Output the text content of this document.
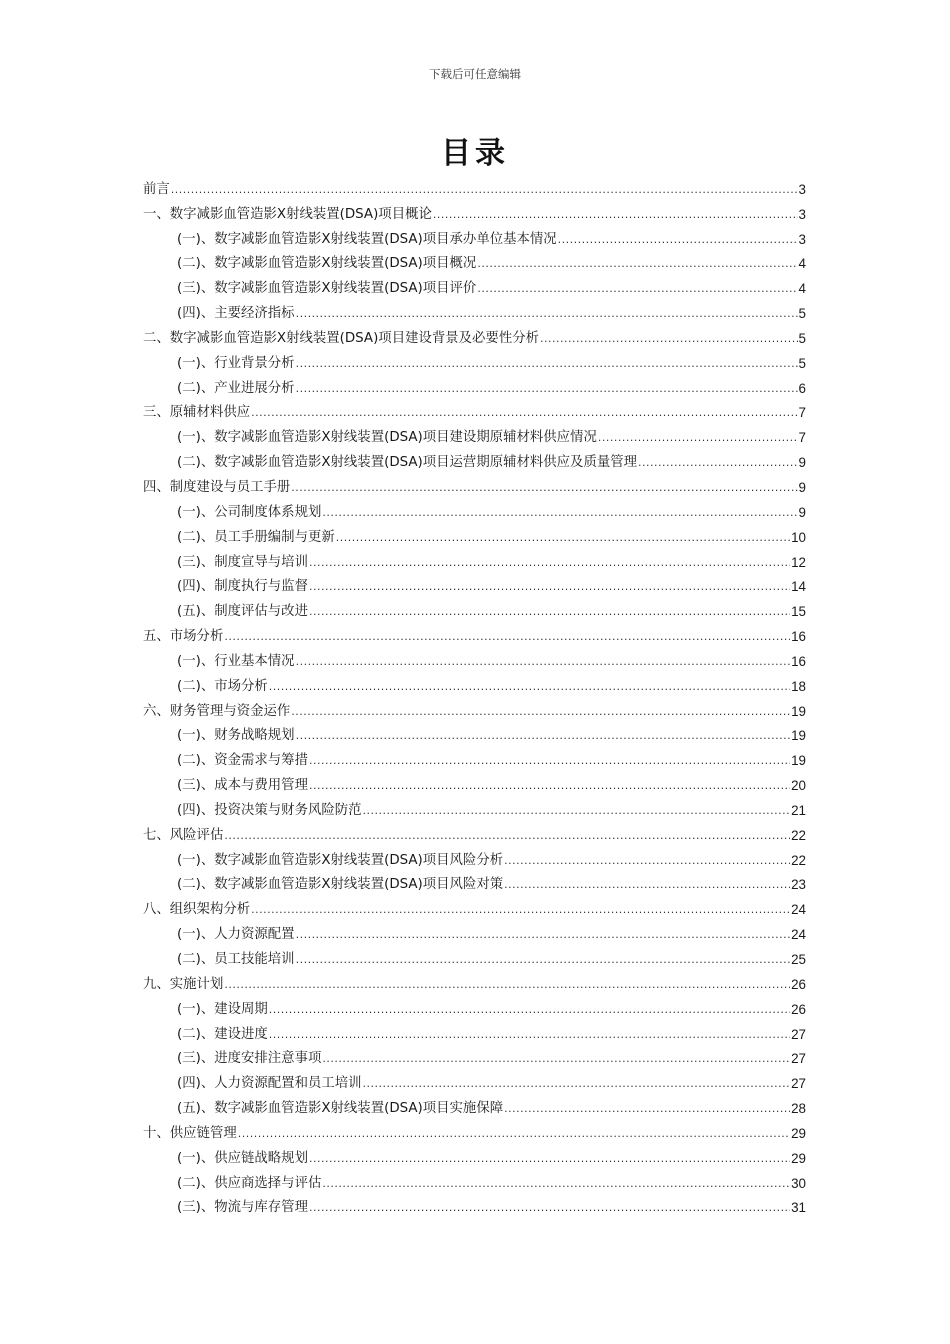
下载后可任意编辑
目录
前言 .....	3
一、数字减影血管造影X射线装置(DSA)项目概论 .....	3
(一)、数字减影血管造影X射线装置(DSA)项目承办单位基本情况 .....	3
(二)、数字减影血管造影X射线装置(DSA)项目概况 .....	4
(三)、数字减影血管造影X射线装置(DSA)项目评价 .....	4
(四)、主要经济指标 .....	5
二、数字减影血管造影X射线装置(DSA)项目建设背景及必要性分析 .....	5
(一)、行业背景分析 .....	5
(二)、产业进展分析 .....	6
三、原辅材料供应 .....	7
(一)、数字减影血管造影X射线装置(DSA)项目建设期原辅材料供应情况 .....	7
(二)、数字减影血管造影X射线装置(DSA)项目运营期原辅材料供应及质量管理 .....	9
四、制度建设与员工手册 .....	9
(一)、公司制度体系规划 .....	9
(二)、员工手册编制与更新 .....	10
(三)、制度宣导与培训 .....	12
(四)、制度执行与监督 .....	14
(五)、制度评估与改进 .....	15
五、市场分析 .....	16
(一)、行业基本情况 .....	16
(二)、市场分析 .....	18
六、财务管理与资金运作 .....	19
(一)、财务战略规划 .....	19
(二)、资金需求与筹措 .....	19
(三)、成本与费用管理 .....	20
(四)、投资决策与财务风险防范 .....	21
七、风险评估 .....	22
(一)、数字减影血管造影X射线装置(DSA)项目风险分析 .....	22
(二)、数字减影血管造影X射线装置(DSA)项目风险对策 .....	23
八、组织架构分析 .....	24
(一)、人力资源配置 .....	24
(二)、员工技能培训 .....	25
九、实施计划 .....	26
(一)、建设周期 .....	26
(二)、建设进度 .....	27
(三)、进度安排注意事项 .....	27
(四)、人力资源配置和员工培训 .....	27
(五)、数字减影血管造影X射线装置(DSA)项目实施保障 .....	28
十、供应链管理 .....	29
(一)、供应链战略规划 .....	29
(二)、供应商选择与评估 .....	30
(三)、物流与库存管理 .....	31
